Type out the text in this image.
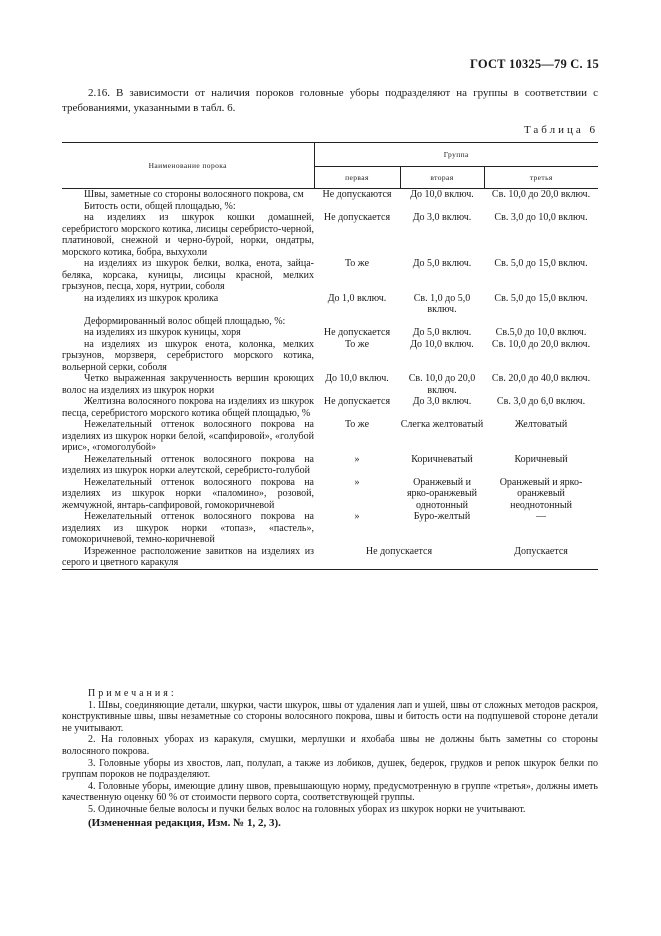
ГОСТ 10325—79 С. 15
2.16. В зависимости от наличия пороков головные уборы подразделяют на группы в соответствии с требованиями, указанными в табл. 6.
Таблица 6
Наименование порока	Группа		
	первая	вторая	третья

Швы, заметные со стороны волосяного покрова, см	Не допускаются	До 10,0 включ.	Св. 10,0 до 20,0 включ.

Битость ости, общей площадью, %:			

на изделиях из шкурок кошки домашней, серебристого морского котика, лисицы серебристо-черной, платиновой, снежной и черно-бурой, норки, ондатры, морского котика, бобра, выхухоли	Не допускается	До 3,0 включ.	Св. 3,0 до 10,0 включ.

на изделиях из шкурок белки, волка, енота, зайца-беляка, корсака, куницы, лисицы красной, мелких грызунов, песца, хоря, нутрии, соболя	То же	До 5,0 включ.	Св. 5,0 до 15,0 включ.

на изделиях из шкурок кролика	До 1,0 включ.	Св. 1,0 до 5,0 включ.	Св. 5,0 до 15,0 включ.

Деформированный волос общей площадью, %:			

на изделиях из шкурок куницы, хоря	Не допускается	До 5,0 включ.	Св.5,0 до 10,0 включ.

на изделиях из шкурок енота, колонка, мелких грызунов, морзверя, серебристого морского котика, вольерной серки, соболя	То же	До 10,0 включ.	Св. 10,0 до 20,0 включ.

Четко выраженная закрученность вершин кроющих волос на изделиях из шкурок норки	До 10,0 включ.	Св. 10,0 до 20,0 включ.	Св. 20,0 до 40,0 включ.

Желтизна волосяного покрова на изделиях из шкурок песца, серебристого морского котика общей площадью, %	Не допускается	До 3,0 включ.	Св. 3,0 до 6,0 включ.

Нежелательный оттенок волосяного покрова на изделиях из шкурок норки белой, «сапфировой», «голубой ирис», «гомоголубой»	То же	Слегка желтоватый	Желтоватый

Нежелательный оттенок волосяного покрова на изделиях из шкурок норки алеутской, серебристо-голубой	»	Коричневатый	Коричневый

Нежелательный оттенок волосяного покрова на изделиях из шкурок норки «паломино», розовой, жемчужной, янтарь-сапфировой, гомокоричневой	»	Оранжевый и ярко-оранжевый однотонный	Оранжевый и ярко-оранжевый неоднотонный

Нежелательный оттенок волосяного покрова на изделиях из шкурок норки «топаз», «пастель», гомокоричневой, темно-коричневой	»	Буро-желтый	—

Изреженное расположение завитков на изделиях из серого и цветного каракуля	Не допускается		Допускается

Примечания:

1. Швы, соединяющие детали, шкурки, части шкурок, швы от удаления лап и ушей, швы от сложных методов раскроя, конструктивные швы, швы незаметные со стороны волосяного покрова, швы и битость ости на подпушевой стороне детали не учитывают.

2. На головных уборах из каракуля, смушки, мерлушки и яхобаба швы не должны быть заметны со стороны волосяного покрова.

3. Головные уборы из хвостов, лап, полулап, а также из лобиков, душек, бедерок, грудков и репок шкурок белки по группам пороков не подразделяют.

4. Головные уборы, имеющие длину швов, превышающую норму, предусмотренную в группе «третья», должны иметь качественную оценку 60 % от стоимости первого сорта, соответствующей группы.

5. Одиночные белые волосы и пучки белых волос на головных уборах из шкурок норки не учитывают.

(Измененная редакция, Изм. № 1, 2, 3).
